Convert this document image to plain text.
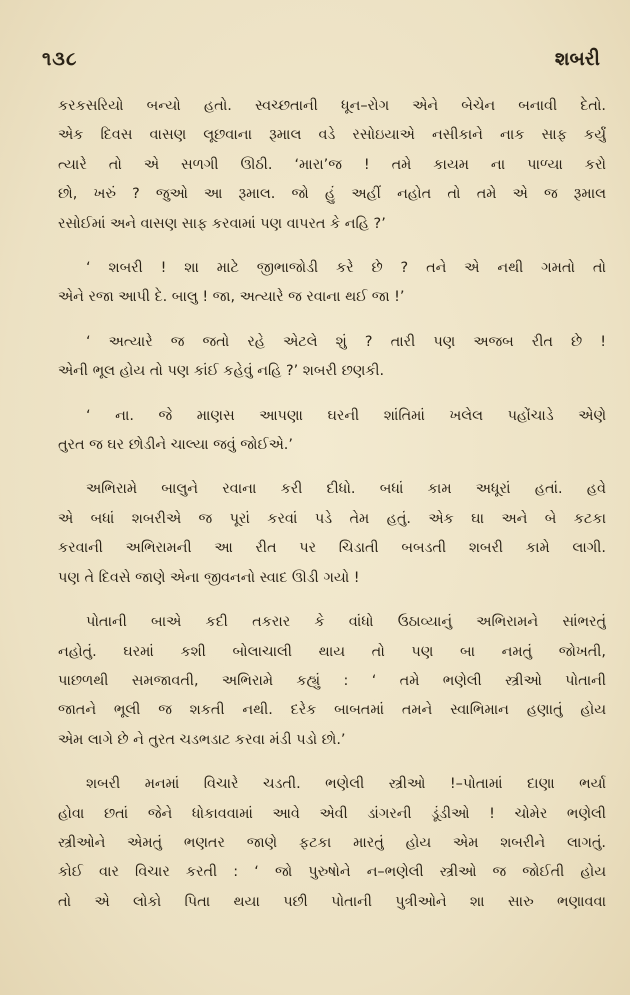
૧૩૮	શબરી

કરકસરિયો બન્યો હતો. સ્વચ્છતાની ધૂન–રોગ એને બેચેન બનાવી દેતો.
એક દિવસ વાસણ લૂછવાના રૂમાલ વડે રસોઇયાએ નસીકાને નાક સાફ કર્યું
ત્યારે તો એ સળગી ઊઠી. ‘મારા’જ ! તમે કાયમ ના પાળ્યા કરો
છો, ખરું ? જુઓ આ રૂમાલ. જો હું અહીં નહોત તો તમે એ જ રૂમાલ
રસોઈમાં અને વાસણ સાફ કરવામાં પણ વાપરત કે નહિ ?’

‘ શબરી ! શા માટે જીભાજોડી કરે છે ? તને એ નથી ગમતો તો
એને રજા આપી દે. બાલુ ! જા, અત્યારે જ રવાના થઈ જા !’

‘ અત્યારે જ જતો રહે એટલે શું ? તારી પણ અજબ રીત છે !
એની ભૂલ હોય તો પણ કાંઈ કહેવું નહિ ?’ શબરી છણકી.

‘ ના. જે માણસ આપણા ઘરની શાંતિમાં ખલેલ પહોંચાડે એણે
તુરત જ ઘર છોડીને ચાલ્યા જવું જોઈએ.’

અભિરામે બાલુને રવાના કરી દીધો. બધાં કામ અધૂરાં હતાં. હવે
એ બધાં શબરીએ જ પૂરાં કરવાં પડે તેમ હતું. એક ઘા અને બે કટકા
કરવાની અભિરામની આ રીત પર ચિડાતી બબડતી શબરી કામે લાગી.
પણ તે દિવસે જાણે એના જીવનનો સ્વાદ ઊડી ગયો !

પોતાની બાએ કદી તકરાર કે વાંધો ઉઠાવ્યાનું અભિરામને સાંભરતું
નહોતું. ઘરમાં કશી બોલાચાલી થાય તો પણ બા નમતું જોખતી,
પાછળથી સમજાવતી, અભિરામે કહ્યું : ‘ તમે ભણેલી સ્ત્રીઓ પોતાની
જાતને ભૂલી જ શકતી નથી. દરેક બાબતમાં તમને સ્વાભિમાન હણાતું હોય
એમ લાગે છે ને તુરત ચડભડાટ કરવા મંડી પડો છો.’

શબરી મનમાં વિચારે ચડતી. ભણેલી સ્ત્રીઓ !–પોતામાં દાણા ભર્યા
હોવા છતાં જેને ધોકાવવામાં આવે એવી ડાંગરની ડૂંડીઓ ! ચોમેર ભણેલી
સ્ત્રીઓને એમતું ભણતર જાણે ફટકા મારતું હોય એમ શબરીને લાગતું.
કોઈ વાર વિચાર કરતી : ‘ જો પુરુષોને ન–ભણેલી સ્ત્રીઓ જ જોઈતી હોય
તો એ લોકો પિતા થયા પછી પોતાની પુત્રીઓને શા સારુ ભણાવવા
